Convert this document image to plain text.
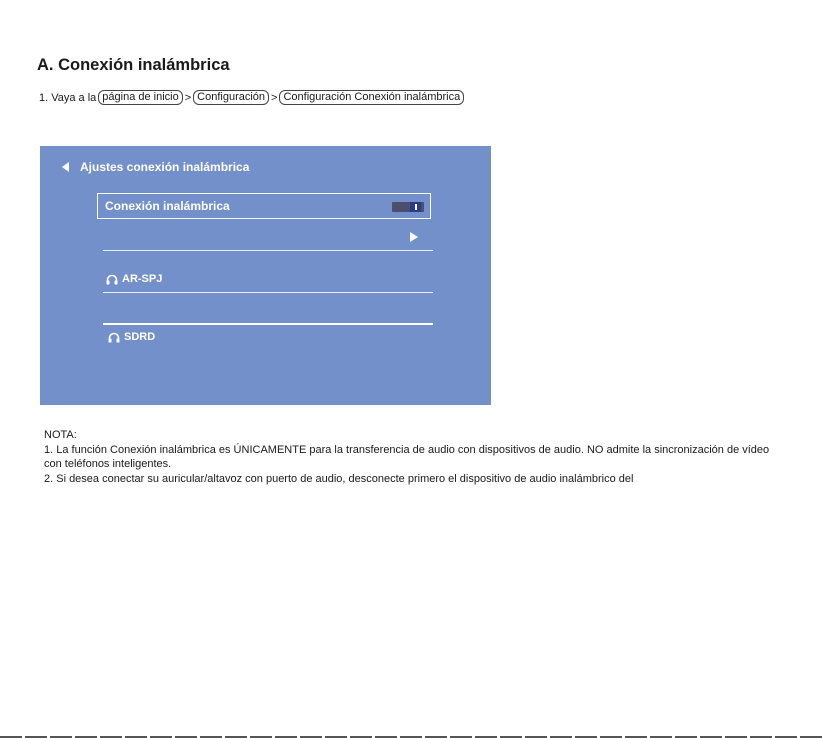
A. Conexión inalámbrica
1. Vaya a la página de inicio > Configuración > Configuración Conexión inalámbrica
Ajustes conexión inalámbrica
Conexión inalámbrica
AR-SPJ
SDRD

NOTA:

1. La función Conexión inalámbrica es ÚNICAMENTE para la transferencia de audio con dispositivos de audio. NO admite la sincronización de vídeo con teléfonos inteligentes.

2. Si desea conectar su auricular/altavoz con puerto de audio, desconecte primero el dispositivo de audio inalámbrico del
